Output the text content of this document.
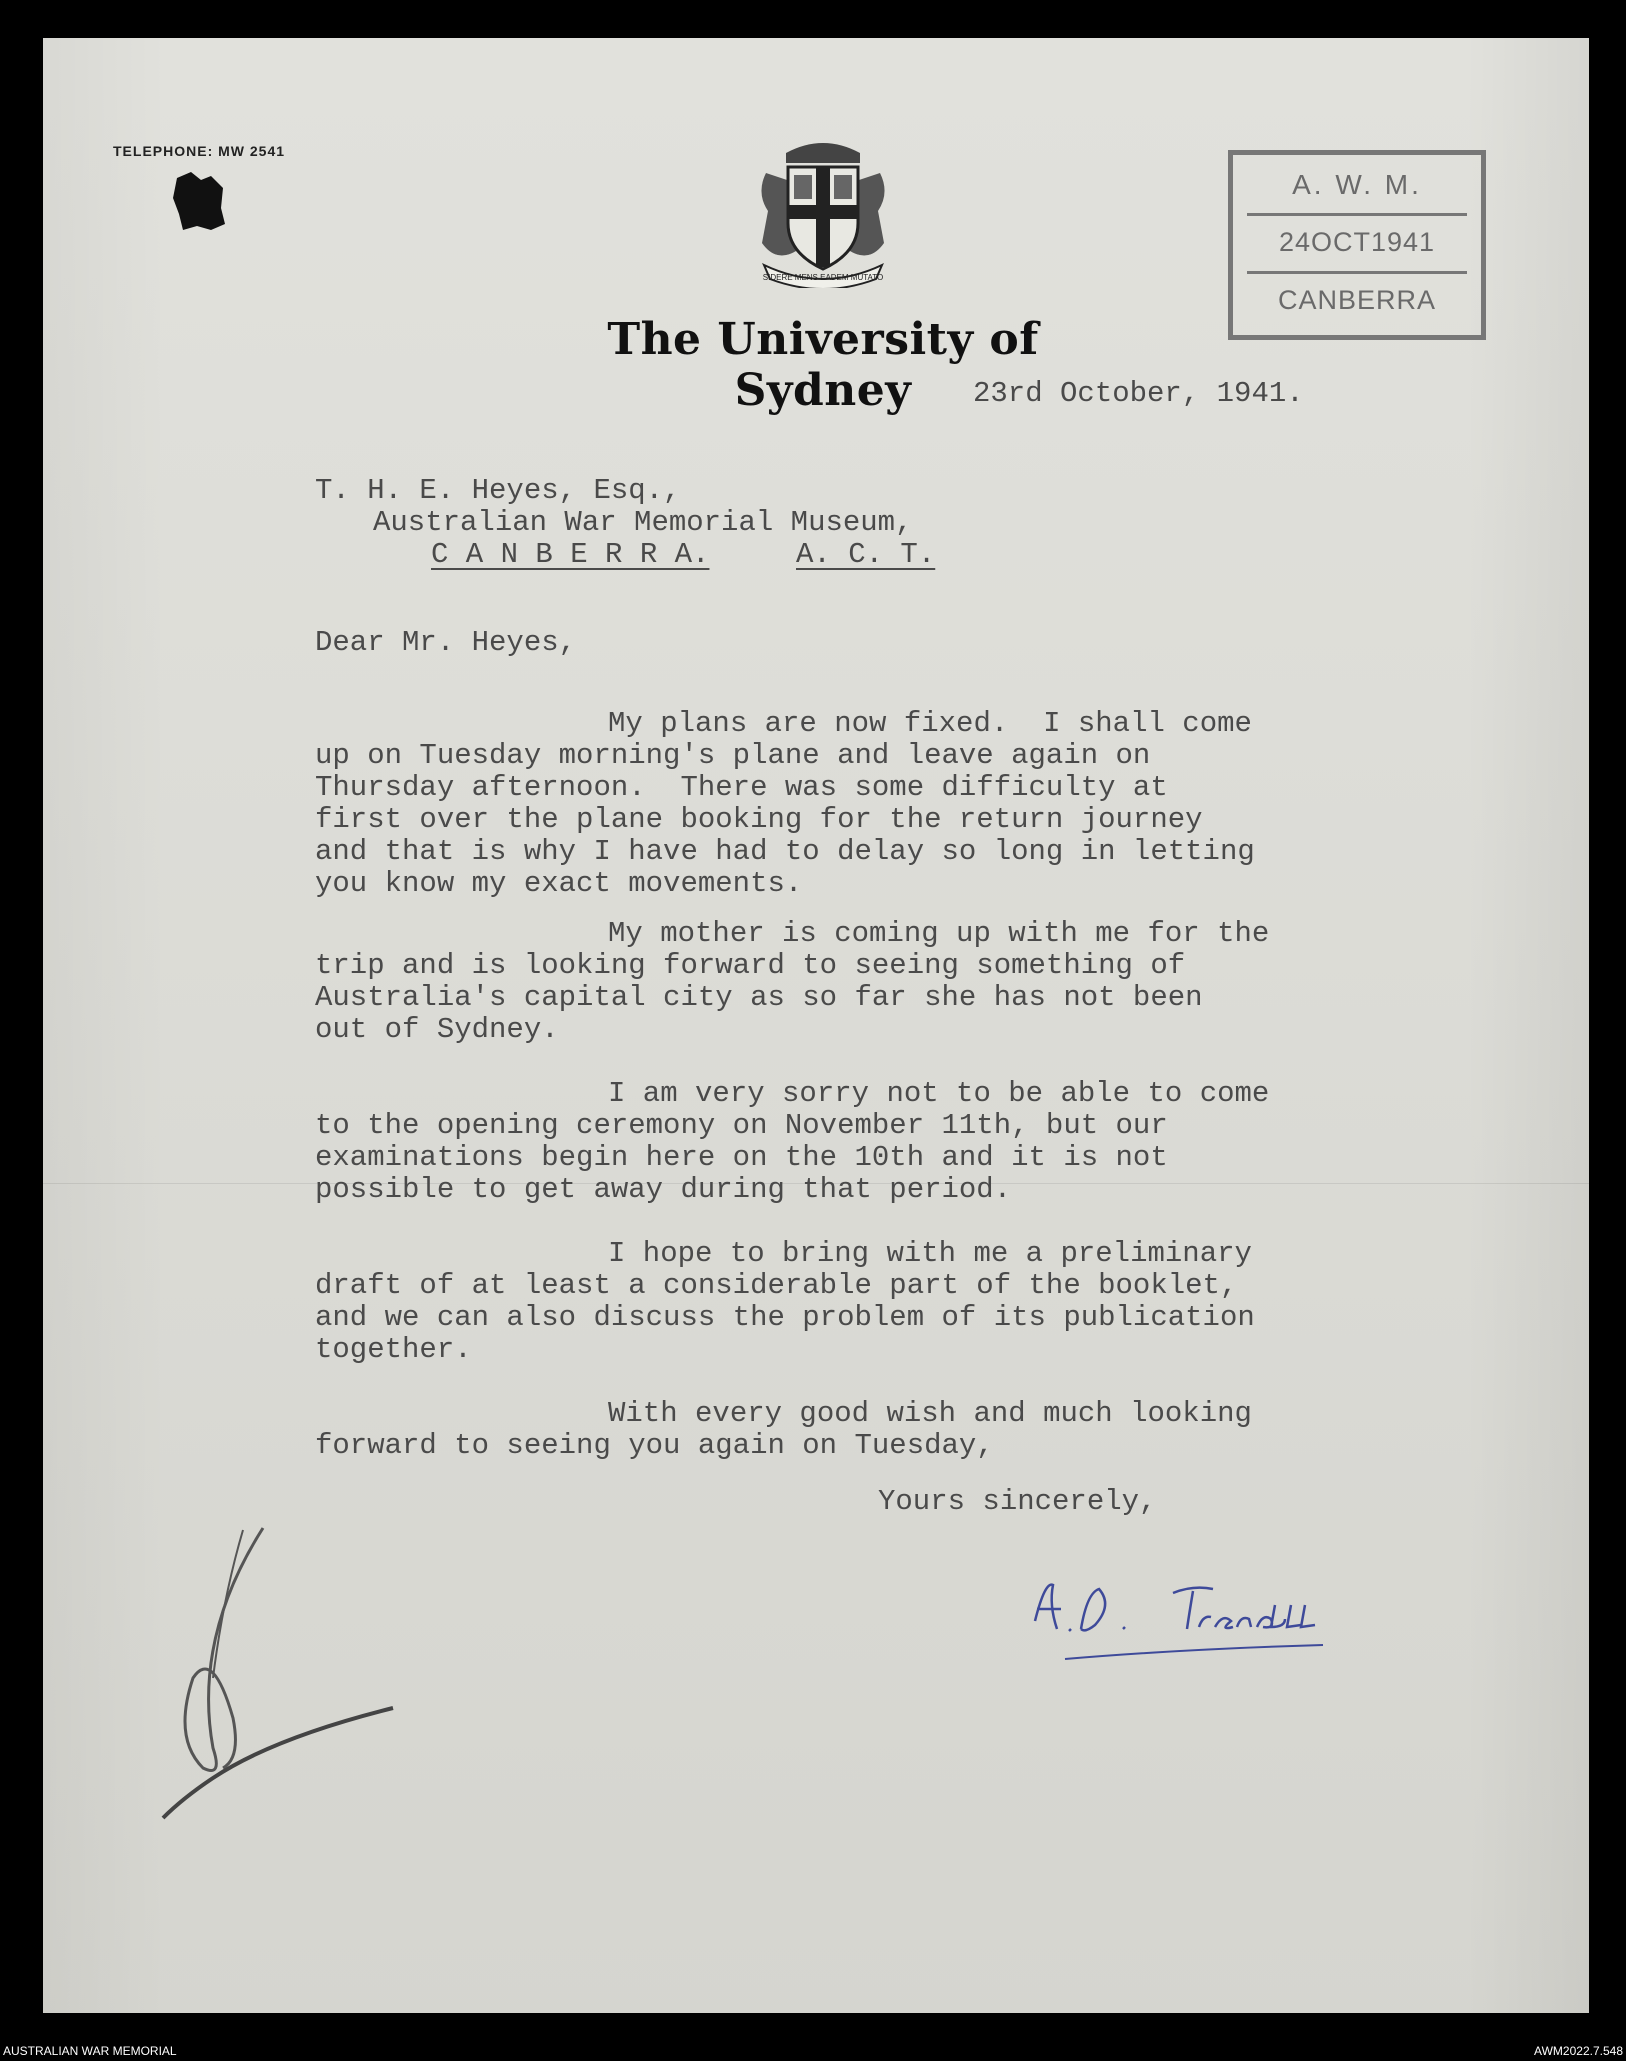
TELEPHONE: MW 2541
SIDERE MENS EADEM MUTATO
The University of Sydney
A. W. M.
24OCT1941
CANBERRA
23rd October, 1941.
T. H. E. Heyes, Esq.,
Australian War Memorial Museum,
C A N B E R R A.	A. C. T.
Dear Mr. Heyes,
My plans are now fixed.  I shall come
up on Tuesday morning's plane and leave again on
Thursday afternoon.  There was some difficulty at
first over the plane booking for the return journey
and that is why I have had to delay so long in letting
you know my exact movements.
My mother is coming up with me for the
trip and is looking forward to seeing something of
Australia's capital city as so far she has not been
out of Sydney.
I am very sorry not to be able to come
to the opening ceremony on November 11th, but our
examinations begin here on the 10th and it is not
possible to get away during that period.
I hope to bring with me a preliminary
draft of at least a considerable part of the booklet,
and we can also discuss the problem of its publication
together.
With every good wish and much looking
forward to seeing you again on Tuesday,
Yours sincerely,
AUSTRALIAN WAR MEMORIAL	AWM2022.7.548
